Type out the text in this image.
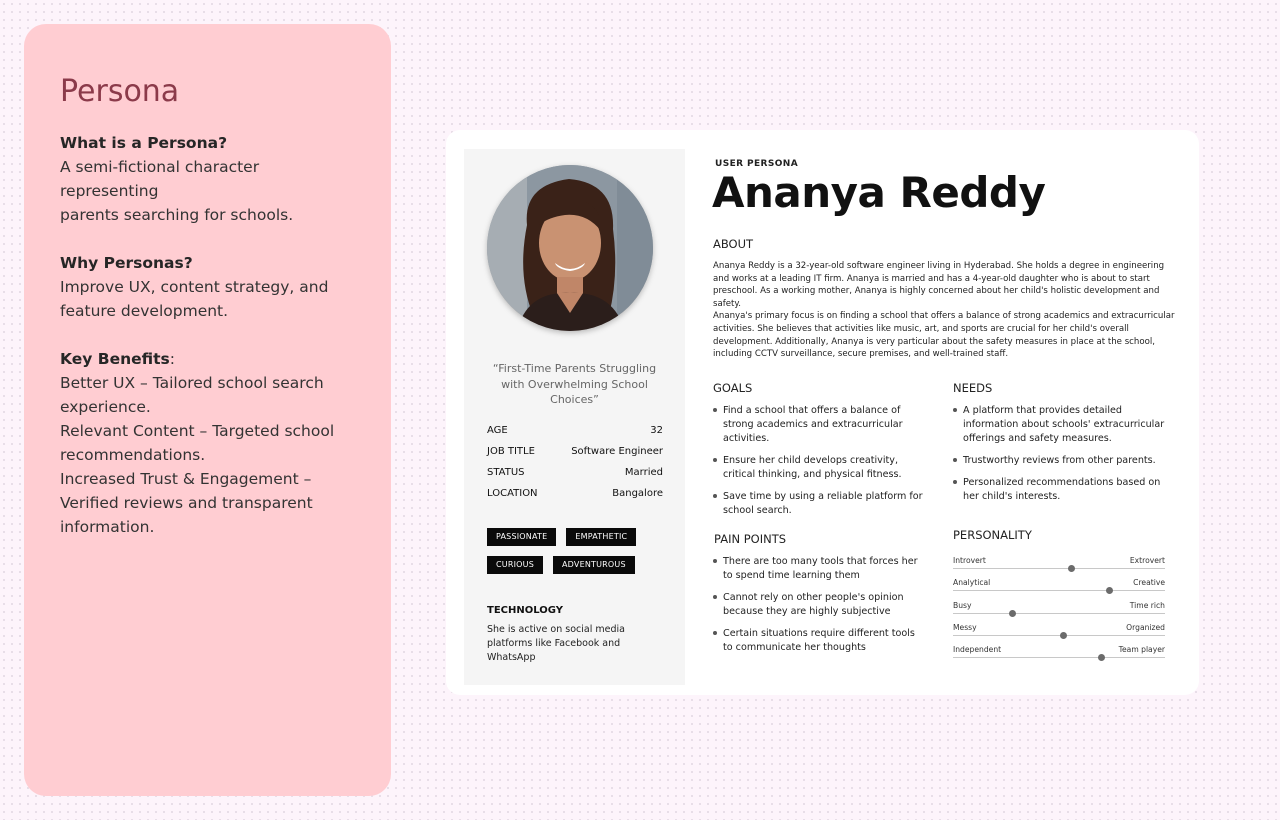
Persona
What is a Persona?
A semi-fictional character representing
parents searching for schools.
Why Personas?
Improve UX, content strategy, and
feature development.
Key Benefits:
Better UX – Tailored school search
experience.
Relevant Content – Targeted school
recommendations.
Increased Trust & Engagement –
Verified reviews and transparent
information.
“First-Time Parents Struggling with Overwhelming School Choices”
AGE	32
JOB TITLE	Software Engineer
STATUS	Married
LOCATION	Bangalore
PASSIONATE	EMPATHETIC
CURIOUS	ADVENTUROUS
TECHNOLOGY
She is active on social media platforms like Facebook and WhatsApp
USER PERSONA
Ananya Reddy
ABOUT
Ananya Reddy is a 32-year-old software engineer living in Hyderabad. She holds a degree in engineering and works at a leading IT firm. Ananya is married and has a 4-year-old daughter who is about to start preschool. As a working mother, Ananya is highly concerned about her child's holistic development and safety.
Ananya's primary focus is on finding a school that offers a balance of strong academics and extracurricular activities. She believes that activities like music, art, and sports are crucial for her child's overall development. Additionally, Ananya is very particular about the safety measures in place at the school, including CCTV surveillance, secure premises, and well-trained staff.
GOALS
Find a school that offers a balance of strong academics and extracurricular activities.
Ensure her child develops creativity, critical thinking, and physical fitness.
Save time by using a reliable platform for school search.
NEEDS
A platform that provides detailed information about schools' extracurricular offerings and safety measures.
Trustworthy reviews from other parents.
Personalized recommendations based on her child's interests.
PAIN POINTS
There are too many tools that forces her to spend time learning them
Cannot rely on other people's opinion because they are highly subjective
Certain situations require different tools to communicate her thoughts
PERSONALITY
Introvert	Extrovert
Analytical	Creative
Busy	Time rich
Messy	Organized
Independent	Team player
